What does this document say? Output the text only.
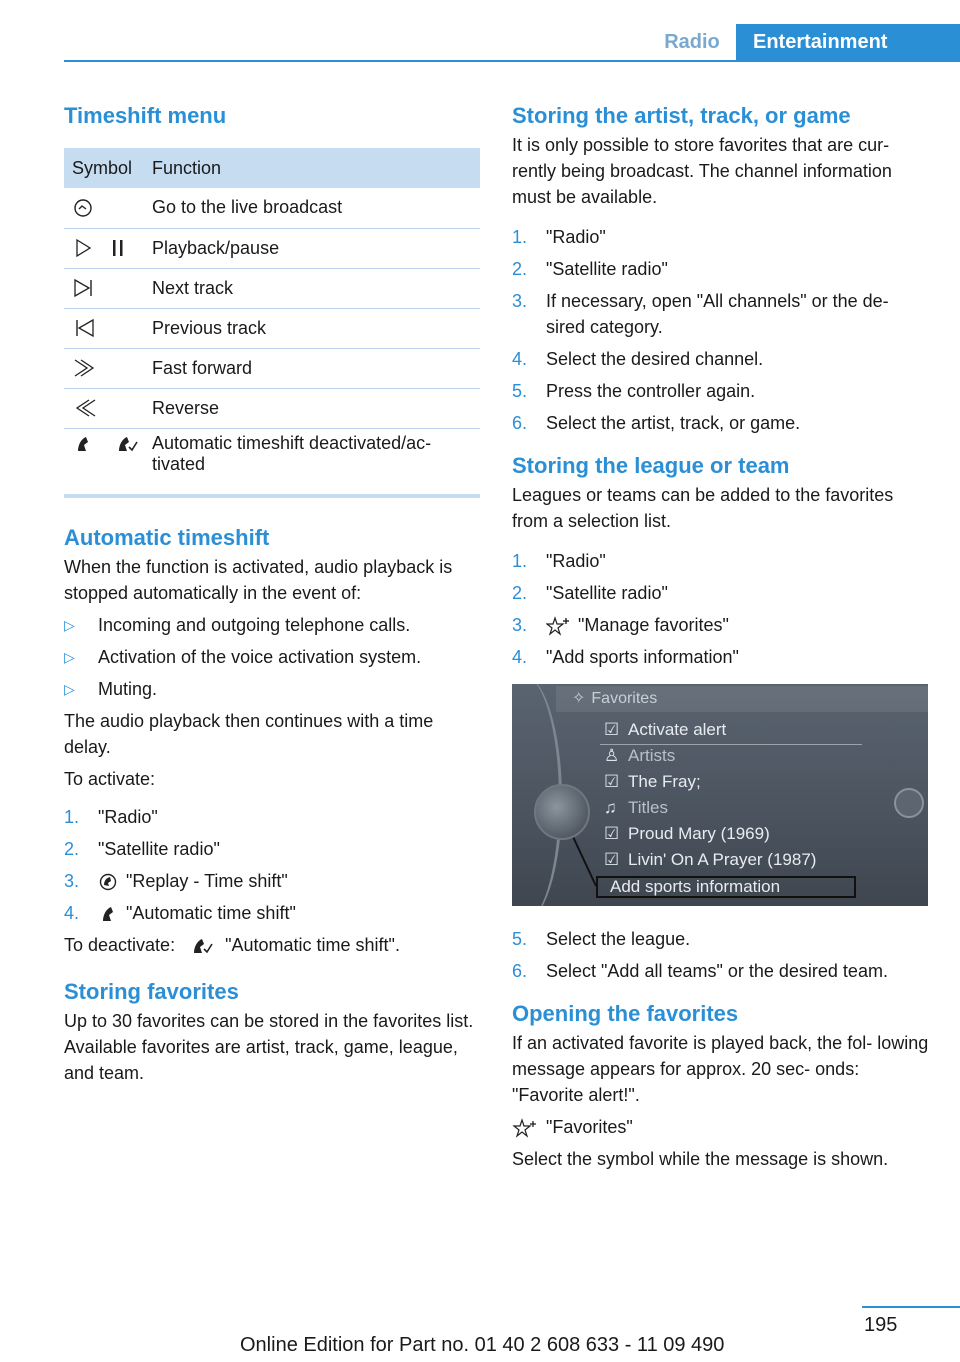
Radio	Entertainment
Timeshift menu
Symbol	Function

	Go to the live broadcast

	Playback/pause

	Next track

	Previous track

	Fast forward

	Reverse

	Automatic timeshift deactivated/ac‐ tivated
Automatic timeshift

When the function is activated, audio playback is stopped automatically in the event of:

▷ Incoming and outgoing telephone calls.
▷ Activation of the voice activation system.
▷ Muting.

The audio playback then continues with a time delay.

To activate:

1. "Radio"
2. "Satellite radio"
3.	"Replay - Time shift"
4.	"Automatic time shift"

To deactivate:	"Automatic time shift".

Storing favorites

Up to 30 favorites can be stored in the favorites list. Available favorites are artist, track, game, league, and team.

Storing the artist, track, or game

It is only possible to store favorites that are cur‐ rently being broadcast. The channel information must be available.

1. "Radio"
2. "Satellite radio"
3. If necessary, open "All channels" or the de‐ sired category.
4. Select the desired channel.
5. Press the controller again.
6. Select the artist, track, or game.
Storing the league or team

Leagues or teams can be added to the favorites from a selection list.

1. "Radio"
2. "Satellite radio"
3.	"Manage favorites"
4. "Add sports information"
✧ Favorites
☑ Activate alert
♙ Artists
☑ The Fray;
♫ Titles
☑ Proud Mary (1969)
☑ Livin' On A Prayer (1987)
Add sports information
5. Select the league.
6. Select "Add all teams" or the desired team.
Opening the favorites

If an activated favorite is played back, the fol‐ lowing message appears for approx. 20 sec‐ onds: "Favorite alert!".

"Favorites"

Select the symbol while the message is shown.

195
Online Edition for Part no. 01 40 2 608 633 - 11 09 490
